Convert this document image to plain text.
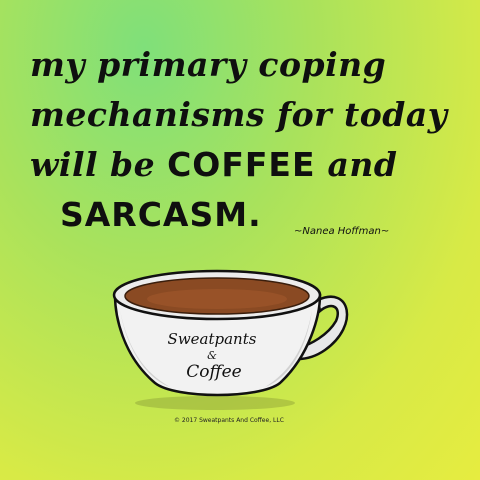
my primary coping
mechanisms for today
will be COFFEE and
SARCASM.	~Nanea Hoffman~
Sweatpants
&
Coffee
© 2017 Sweatpants And Coffee, LLC
